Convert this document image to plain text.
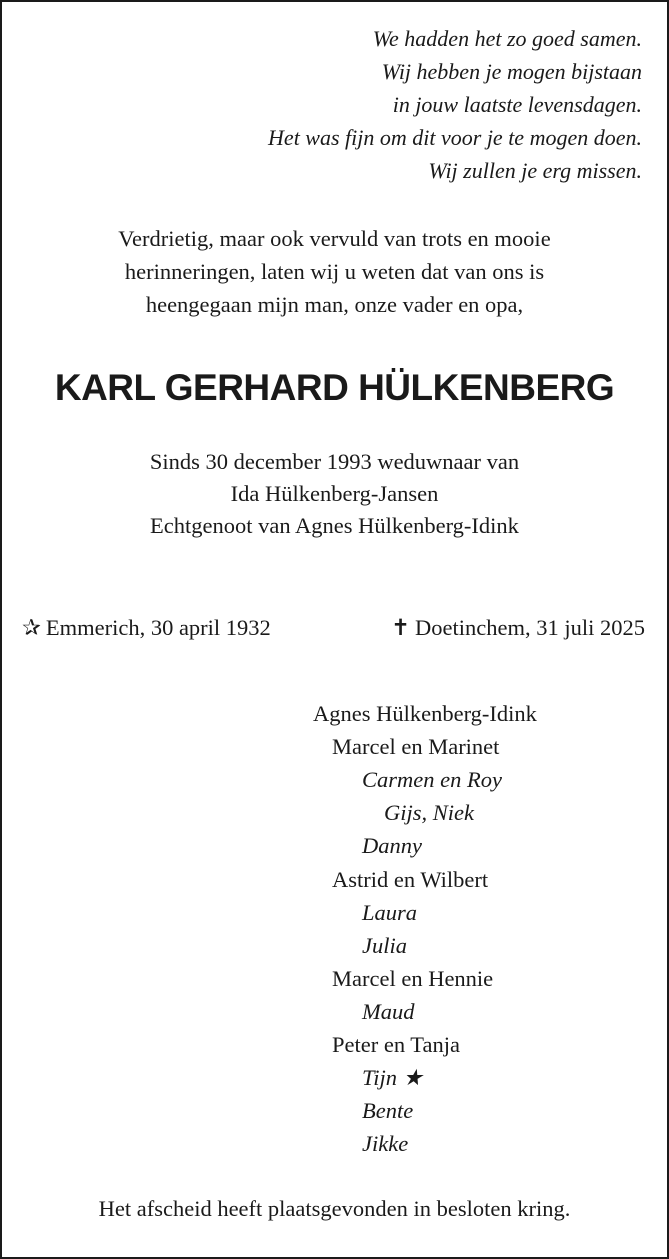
We hadden het zo goed samen.
Wij hebben je mogen bijstaan
in jouw laatste levensdagen.
Het was fijn om dit voor je te mogen doen.
Wij zullen je erg missen.
Verdrietig, maar ook vervuld van trots en mooie
herinneringen, laten wij u weten dat van ons is
heengegaan mijn man, onze vader en opa,
KARL GERHARD HÜLKENBERG
Sinds 30 december 1993 weduwnaar van
Ida Hülkenberg-Jansen
Echtgenoot van Agnes Hülkenberg-Idink
✰ Emmerich, 30 april 1932	✝ Doetinchem, 31 juli 2025
Agnes Hülkenberg-Idink
Marcel en Marinet
Carmen en Roy
Gijs, Niek
Danny
Astrid en Wilbert
Laura
Julia
Marcel en Hennie
Maud
Peter en Tanja
Tijn ★
Bente
Jikke
Het afscheid heeft plaatsgevonden in besloten kring.
